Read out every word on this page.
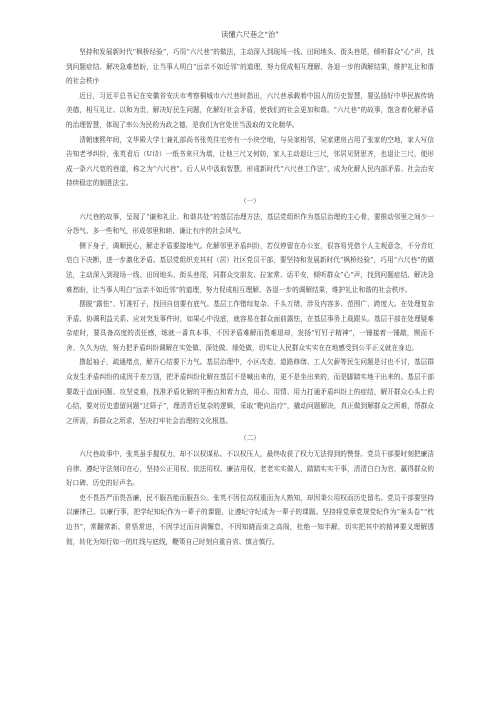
读懂六尺巷之“治”

坚持和发展新时代“枫桥经验”，巧用“六尺巷”的做法，主动深入到现场一线、田间地头、街头巷尾，倾听群众“心”声，找到问题症结、解决急难愁盼，让当事人明白“远亲不如近邻”的道理，努力促成相互理解、各退一步的调解结果，维护礼让和谐的社会秩序

近日，习近平总书记在安徽省安庆市考察桐城市六尺巷时指出，六尺巷承载着中国人的历史智慧，要弘扬好中华民族传统美德，相互礼让、以和为贵，解决好民生问题，化解好社会矛盾，使我们的社会更加和谐。“六尺巷”的故事，饱含着化解矛盾的治理智慧，体现了率公为民的为政之德，是我们为官处世当汲取的文化精华。

清朝康熙年间，文华殿大学士兼礼部尚书张英住宅旁有一小块空地，与吴家相邻，吴家建房占用了张家的空地，家人写信告知老爷纠纷，张英看后（U诗）一纸书来只为墙，让他三尺又何妨，家人主动退让三尺，邻居见贤思齐，也退让三尺，便形成一条六尺宽的巷道，称之为“六尺巷”。后人从中汲取智慧，形成新时代“六尺巷工作法”，成为化解人民内部矛盾、社会治安持续稳定的制胜法宝。

（一）

六尺巷的故事，呈现了“谦和礼让、和谐共处”的基层治理方法，基层党组织作为基层治理的主心骨，要推动邻里之间少一分怨气、多一些和气，形成邻里和睦、谦让有序的社会风气。

侧下身子，调顺民心，解走矛盾要接地气。化解邻里矛盾纠纷，若仅停留在办公室，很容易凭借个人主观意念，不分青红皂白下决断，进一步激化矛盾。基层党组织充其村（居）社区党员干部，要坚持和发展新时代“枫桥经验”，巧用“六尺巷”的做法，主动深入到现场一线、田间地头、街头巷尾，同群众交朋友、拉家常、话平安，倾听群众“心”声，找到问题症结、解决急难愁盼，让当事人明白“远亲不如近邻”的道理，努力促成相互理解、各退一步的调解结果，维护礼让和谐的社会秩序。

摆脱“露怯”、钉准钉子，找回自信要有底气。基层工作错综复杂、千头万绪，涉及内容多、范围广、跨度大。在处理复杂矛盾、协调利益关系、应对突发事件时，如果心中没底，就容易在群众面前露怯，在基层事务上栽跟头。基层干部在处理疑难杂症时，要具备高度的责任感，练就一番真本事，不因矛盾难解而畏难退却，发扬“钉钉子精神”，一锤接着一锤敲，锲而不舍、久久为功，努力把矛盾纠纷调解在实处做、深处做、细处做，切实让人民群众实实在在地感受到公平正义就在身边。

撸起袖子，疏通堵点，解开心结要下力气。基层治理中，小区改造、道路修缮、工人欠薪等民生问题是讨也不讨，基层群众发生矛盾纠纷的成因千差万别，把矛盾纠纷化解在基层不是喊出来的，更不是坐出来的，而是脚踏实地干出来的。基层干部要敢于直面问题、攻坚克难，找准矛盾化解的平衡点和着力点，用心、用情、用力打通矛盾纠纷上的症结，解开群众心头上的心结，要对历史遗留问题“过筛子”，理清背后复杂的逻辑，采取“靶向治疗”，撬动问题解决，真正做到解群众之所难，帮群众之所需，诉群众之所求，坚决打牢社会治理的文化根基。

（二）

六尺巷故事中，张英虽手握权力，却不以权谋私、不以权压人，最终收获了权力无法得到的赞誉。党员干部要时刻把廉洁自律、遵纪守法刻印在心，坚持公正用权、依法用权、廉洁用权，老老实实做人，踏踏实实干事，清清白白为官，赢得群众的好口碑、历史的好声名。

吏不畏吾严而畏吾廉，民不服吾能而服吾公。张英不因位高权重而为人熟知，却因秉公用权而历史留名。党员干部要坚持以廉律己、以廉行事，把学纪知纪作为一辈子的课题，让遵纪守纪成为一辈子的课题。坚持将党章党规党纪作为“案头卷”“枕边书”，常翻常新、常悟常进，不因学过而自满懈怠，不因知晓而束之高阁，杜绝一知半解，切实把其中的精神要义理解透彻，转化为知行如一的红线与底线，鞭策自己时刻自重自省、慎言慎行。
